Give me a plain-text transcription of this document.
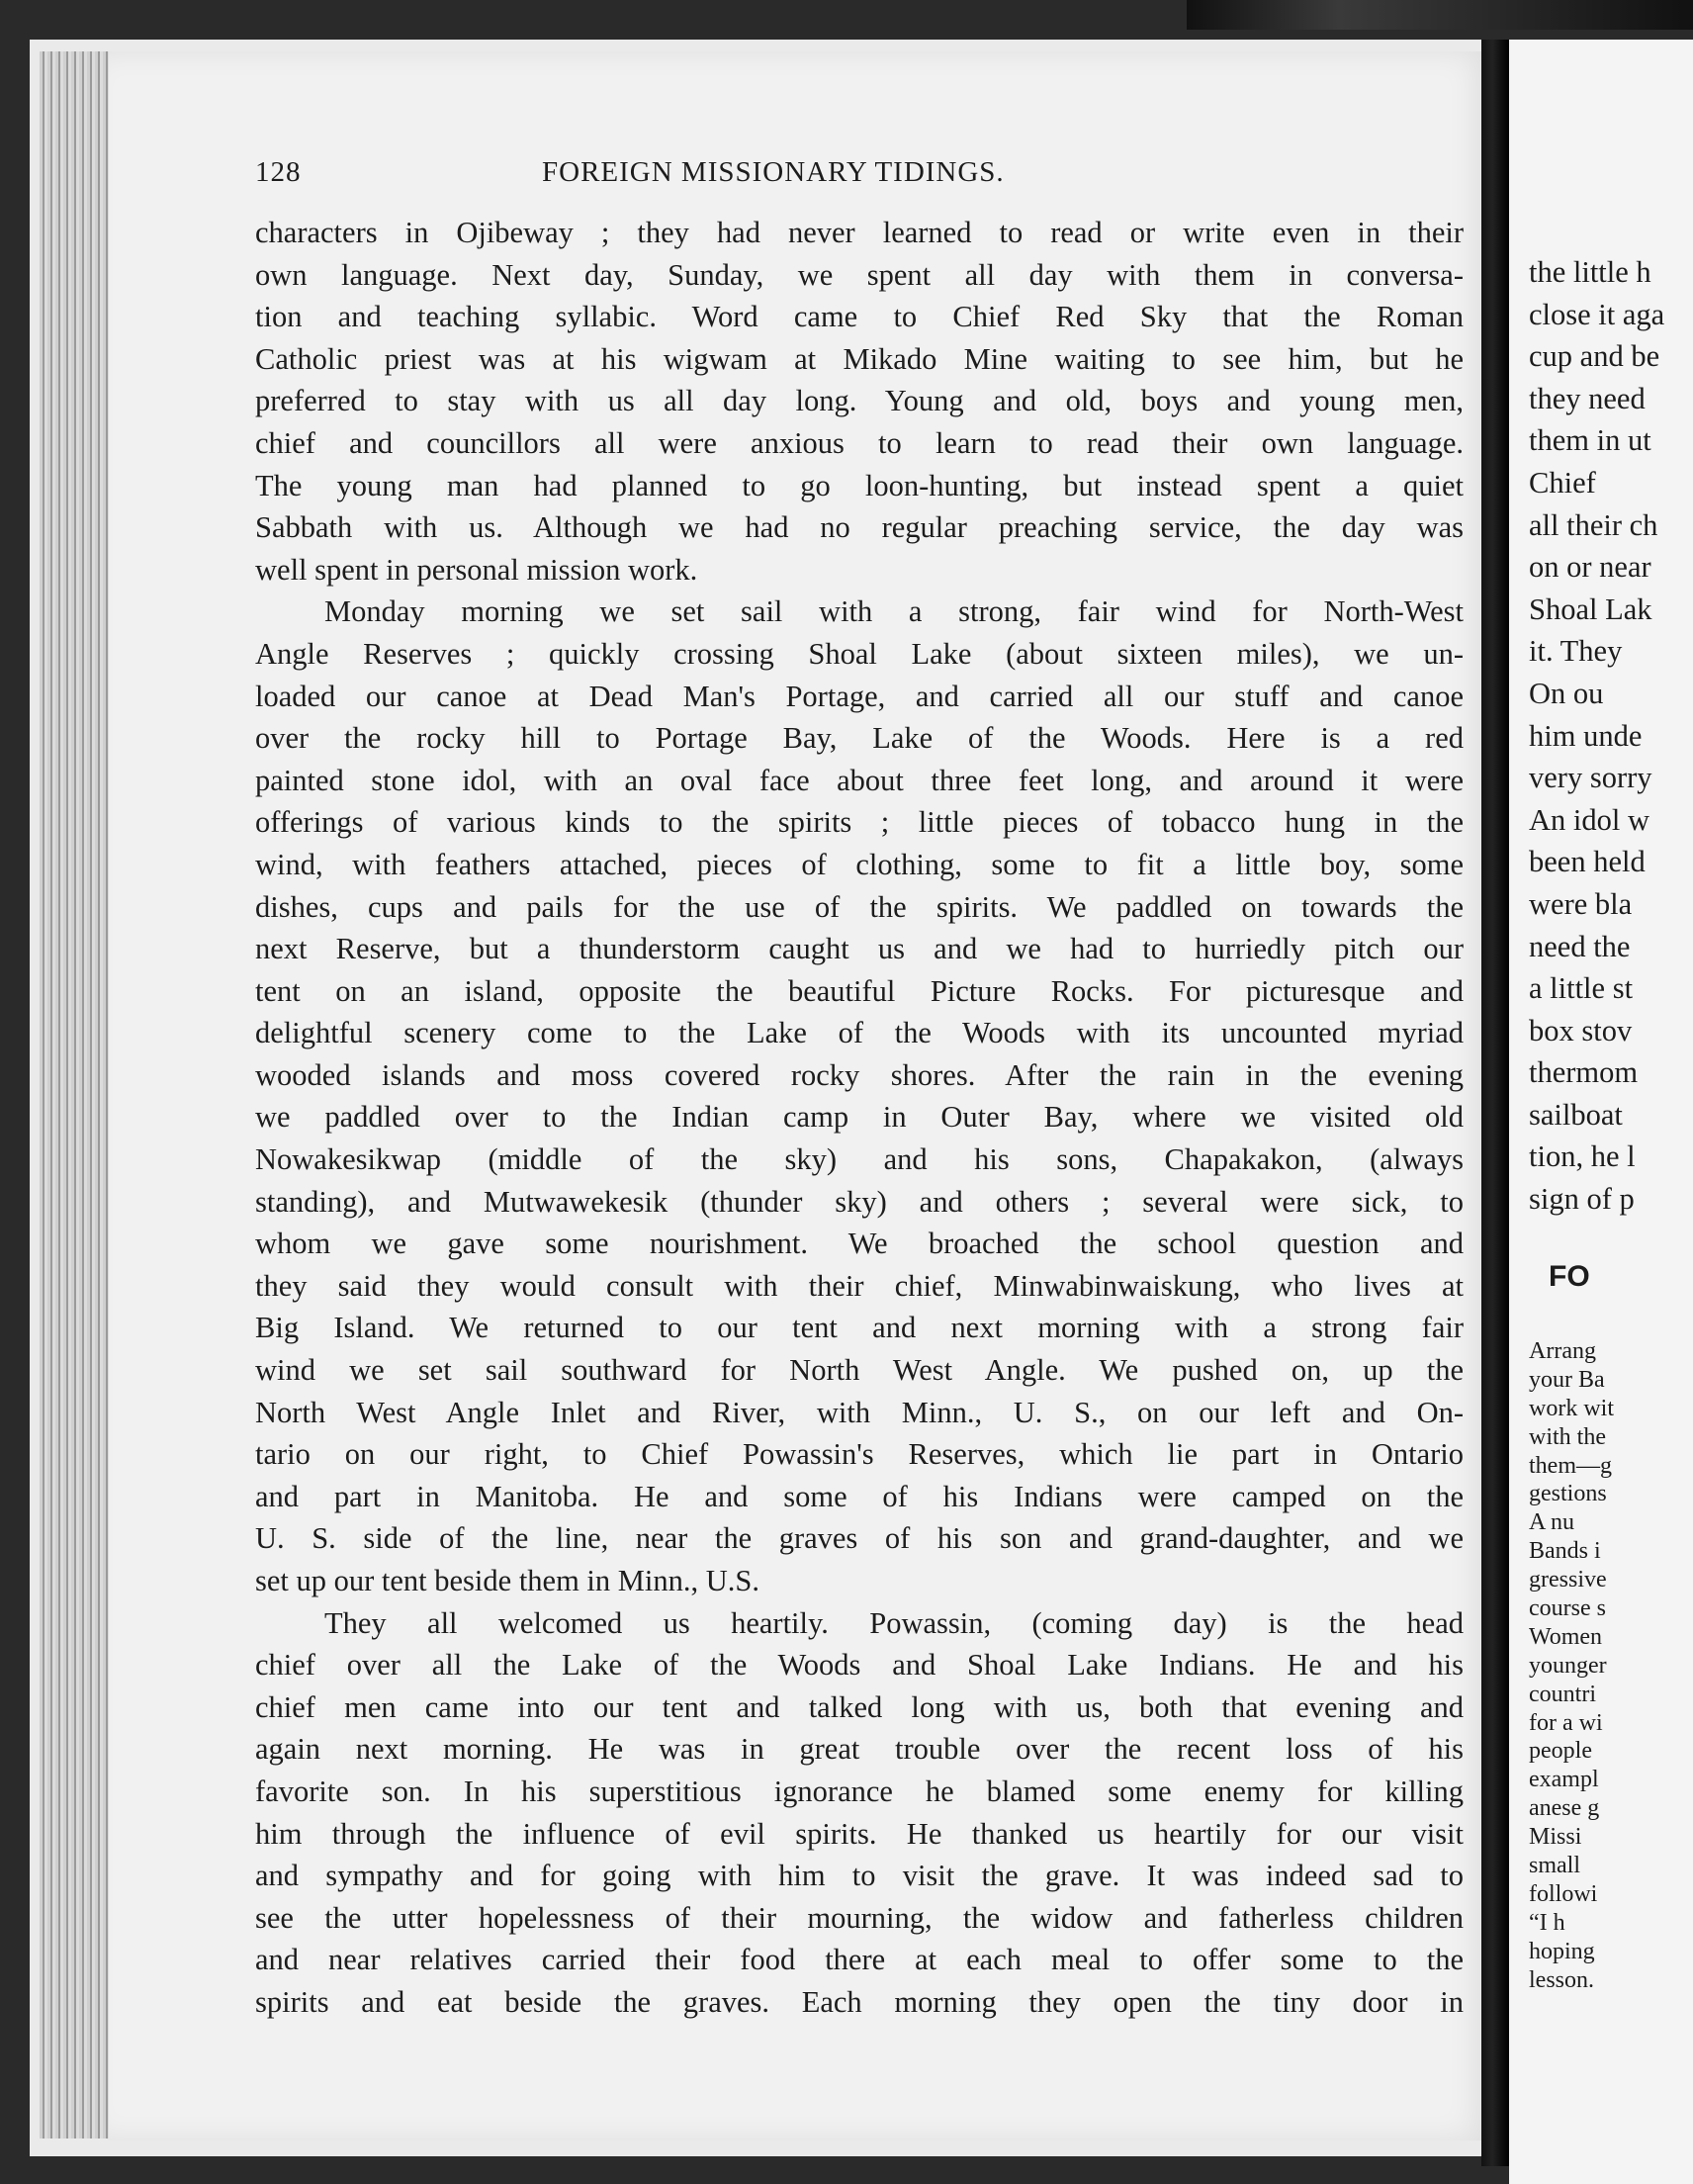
128	FOREIGN MISSIONARY TIDINGS.
characters in Ojibeway ; they had never learned to read or write even in their
own language. Next day, Sunday, we spent all day with them in conversa-
tion and teaching syllabic. Word came to Chief Red Sky that the Roman
Catholic priest was at his wigwam at Mikado Mine waiting to see him, but he
preferred to stay with us all day long. Young and old, boys and young men,
chief and councillors all were anxious to learn to read their own language.
The young man had planned to go loon-hunting, but instead spent a quiet
Sabbath with us. Although we had no regular preaching service, the day was
well spent in personal mission work.
Monday morning we set sail with a strong, fair wind for North-West
Angle Reserves ; quickly crossing Shoal Lake (about sixteen miles), we un-
loaded our canoe at Dead Man's Portage, and carried all our stuff and canoe
over the rocky hill to Portage Bay, Lake of the Woods. Here is a red
painted stone idol, with an oval face about three feet long, and around it were
offerings of various kinds to the spirits ; little pieces of tobacco hung in the
wind, with feathers attached, pieces of clothing, some to fit a little boy, some
dishes, cups and pails for the use of the spirits. We paddled on towards the
next Reserve, but a thunderstorm caught us and we had to hurriedly pitch our
tent on an island, opposite the beautiful Picture Rocks. For picturesque and
delightful scenery come to the Lake of the Woods with its uncounted myriad
wooded islands and moss covered rocky shores. After the rain in the evening
we paddled over to the Indian camp in Outer Bay, where we visited old
Nowakesikwap (middle of the sky) and his sons, Chapakakon, (always
standing), and Mutwawekesik (thunder sky) and others ; several were sick, to
whom we gave some nourishment. We broached the school question and
they said they would consult with their chief, Minwabinwaiskung, who lives at
Big Island. We returned to our tent and next morning with a strong fair
wind we set sail southward for North West Angle. We pushed on, up the
North West Angle Inlet and River, with Minn., U. S., on our left and On-
tario on our right, to Chief Powassin's Reserves, which lie part in Ontario
and part in Manitoba. He and some of his Indians were camped on the
U. S. side of the line, near the graves of his son and grand-daughter, and we
set up our tent beside them in Minn., U.S.
They all welcomed us heartily. Powassin, (coming day) is the head
chief over all the Lake of the Woods and Shoal Lake Indians. He and his
chief men came into our tent and talked long with us, both that evening and
again next morning. He was in great trouble over the recent loss of his
favorite son. In his superstitious ignorance he blamed some enemy for killing
him through the influence of evil spirits. He thanked us heartily for our visit
and sympathy and for going with him to visit the grave. It was indeed sad to
see the utter hopelessness of their mourning, the widow and fatherless children
and near relatives carried their food there at each meal to offer some to the
spirits and eat beside the graves. Each morning they open the tiny door in
the little h
close it aga
cup and be
they need
them in ut
Chief
all their ch
on or near
Shoal Lak
it. They
On ou
him unde
very sorry
An idol w
been held
were bla
need the
a little st
box stov
thermom
sailboat
tion, he l
sign of p
FO
Arrang
your Ba
work wit
with the
them—g
gestions
A nu
Bands i
gressive
course s
Women
younger
countri
for a wi
people
exampl
anese g
Missi
small
followi
“I h
hoping
lesson.
